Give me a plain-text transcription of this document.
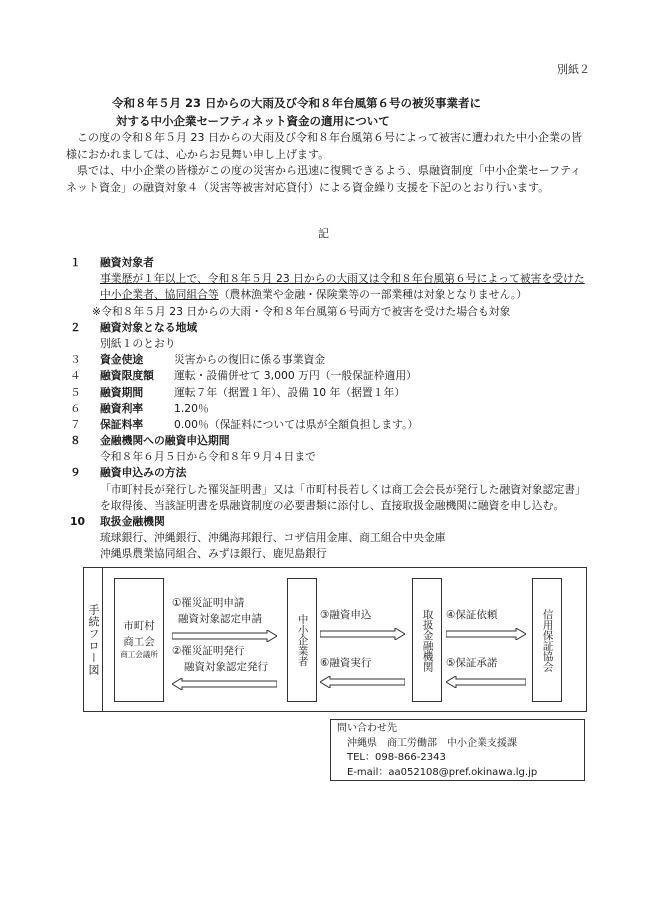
別紙２
令和８年５月 23 日からの大雨及び令和８年台風第６号の被災事業者に
対する中小企業セーフティネット資金の適用について

この度の令和８年５月 23 日からの大雨及び令和８年台風第６号によって被害に遭われた中小企業の皆様におかれましては、心からお見舞い申し上げます。

県では、中小企業の皆様がこの度の災害から迅速に復興できるよう、県融資制度「中小企業セーフティネット資金」の融資対象４（災害等被害対応貸付）による資金繰り支援を下記のとおり行います。

記
１	融資対象者
事業歴が１年以上で、令和８年５月 23 日からの大雨又は令和８年台風第６号によって被害を受けた中小企業者、協同組合等（農林漁業や金融・保険業等の一部業種は対象となりません。）
※令和８年５月 23 日からの大雨・令和８年台風第６号両方で被害を受けた場合も対象
２	融資対象となる地域
別紙１のとおり
３	資金使途	災害からの復旧に係る事業資金
４	融資限度額	運転・設備併せて 3,000 万円（一般保証枠適用）
５	融資期間	運転７年（据置１年）、設備 10 年（据置１年）
６	融資利率	1.20％
７	保証料率	0.00％（保証料については県が全額負担します。）
８	金融機関への融資申込期間
令和８年６月５日から令和８年９月４日まで
９	融資申込みの方法
「市町村長が発行した罹災証明書」又は「市町村長若しくは商工会会長が発行した融資対象認定書」を取得後、当該証明書を県融資制度の必要書類に添付し、直接取扱金融機関に融資を申し込む。
10	取扱金融機関
琉球銀行、沖縄銀行、沖縄海邦銀行、コザ信用金庫、商工組合中央金庫
沖縄県農業協同組合、みずほ銀行、鹿児島銀行
手続フロー図 市町村
商工会
商工会議所	中小企業者	取扱金融機関	信用保証協会
①罹災証明申請
融資対象認定申請
②罹災証明発行
融資対象認定発行
③融資申込
⑥融資実行
④保証依頼
⑤保証承諾
問い合わせ先
沖縄県　商工労働部　中小企業支援課
TEL：098-866-2343
E-mail：aa052108@pref.okinawa.lg.jp
